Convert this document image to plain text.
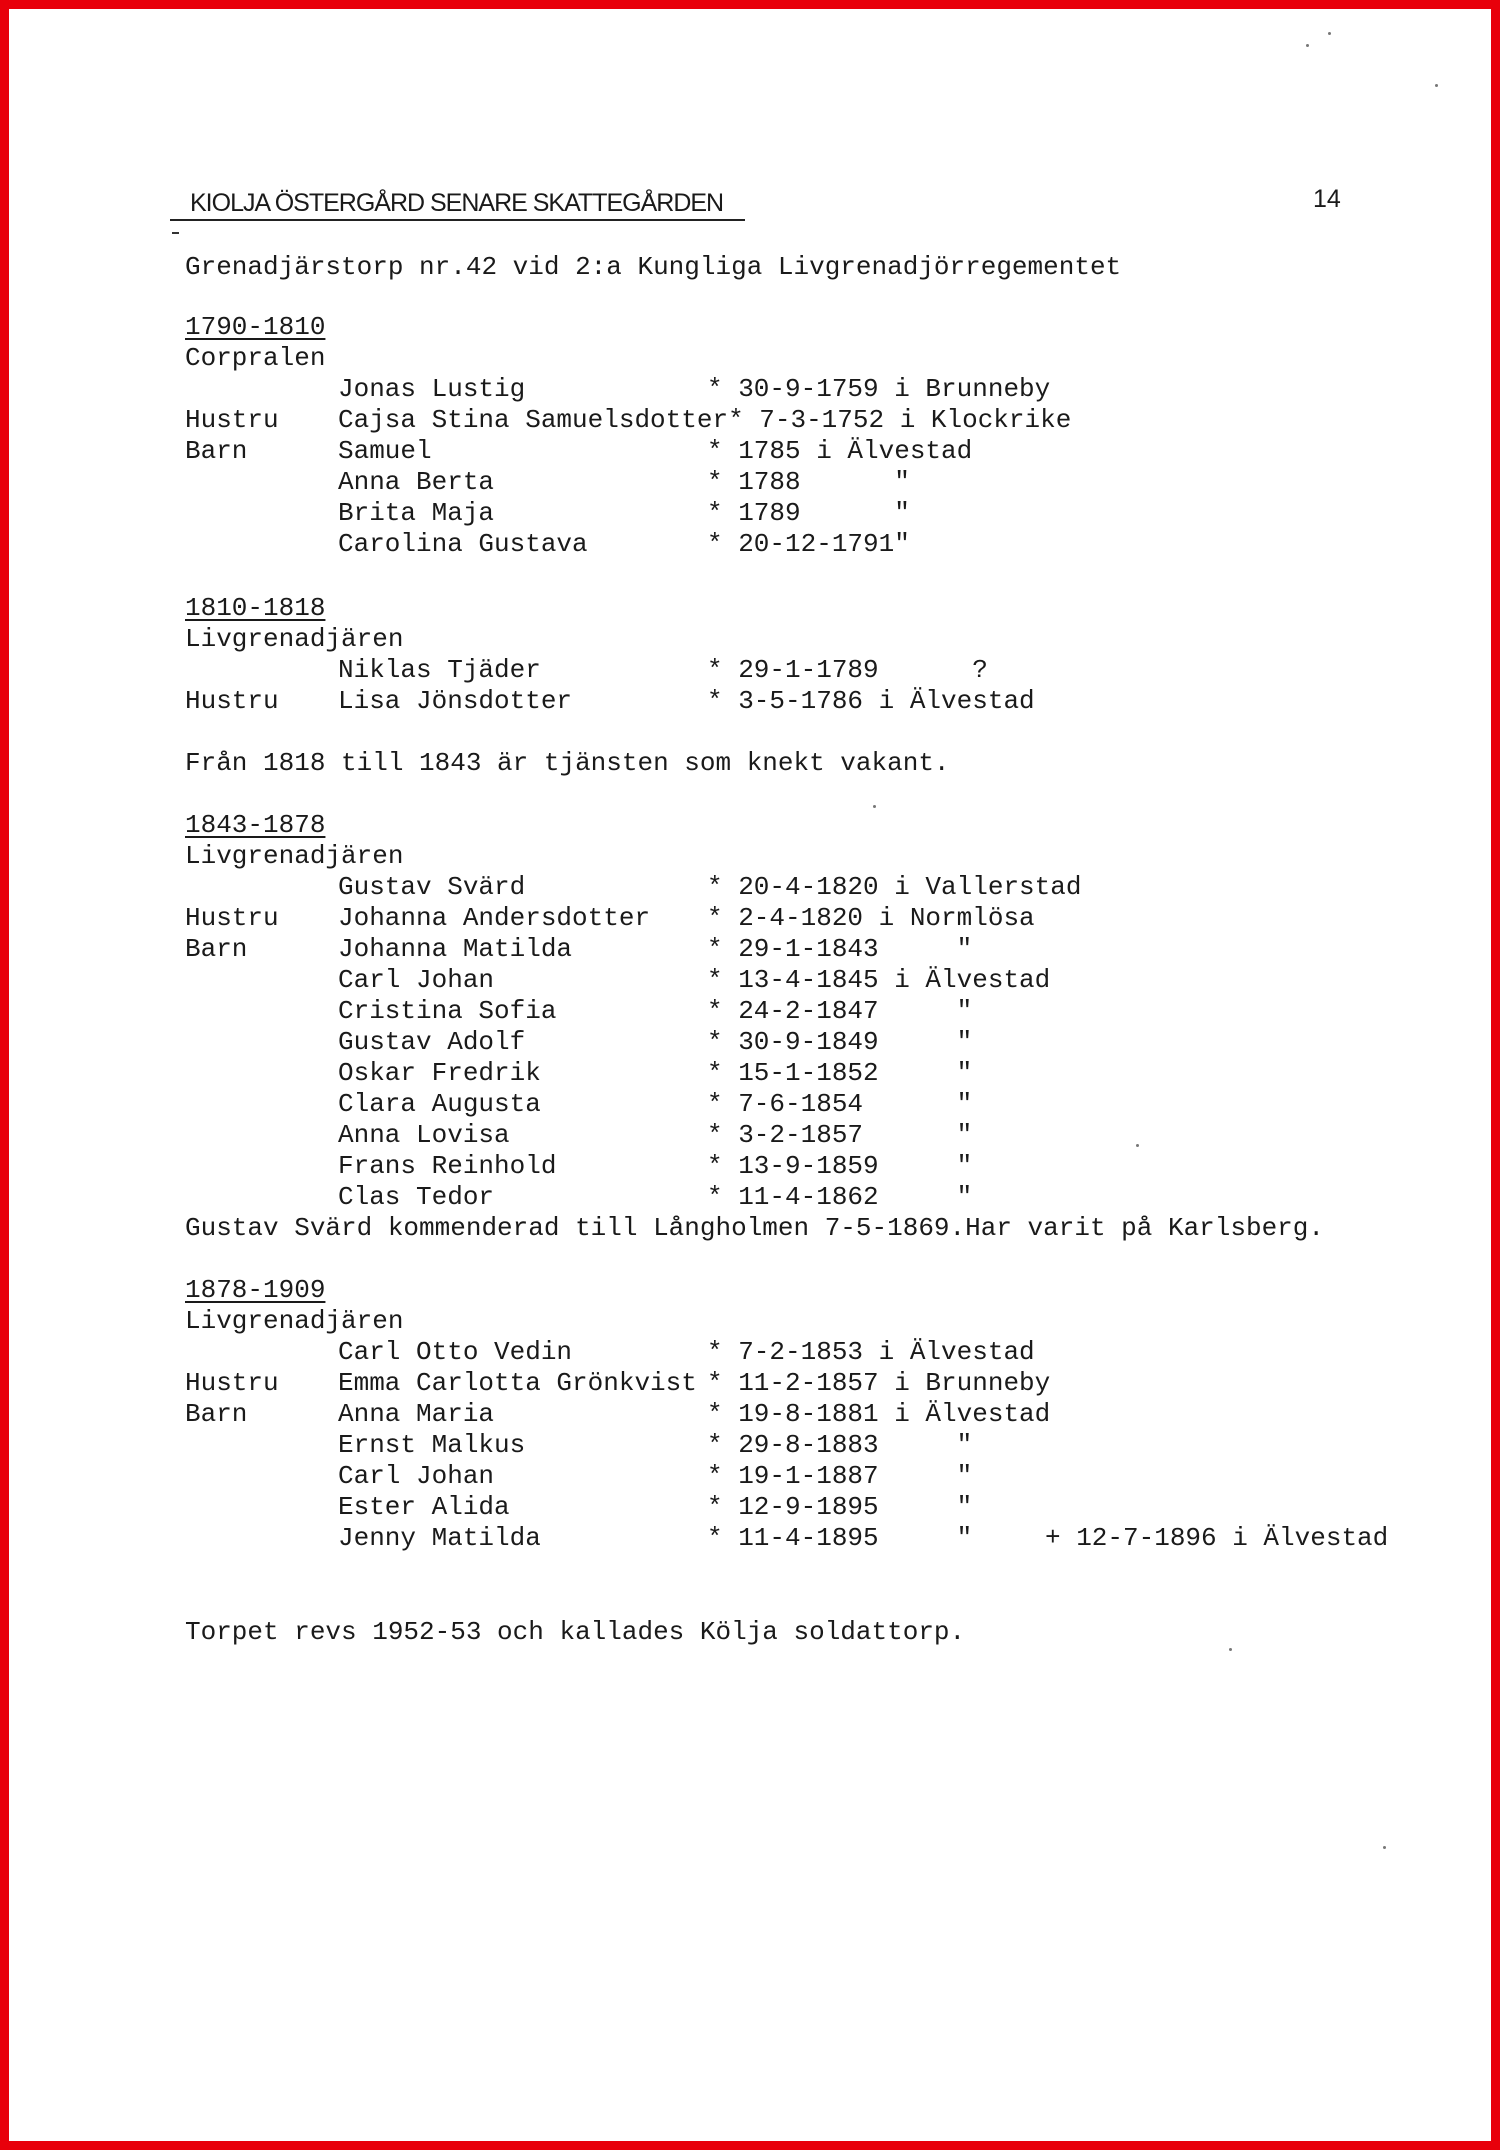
KIOLJA ÖSTERGÅRD SENARE SKATTEGÅRDEN	14
Grenadjärstorp nr.42 vid 2:a Kungliga Livgrenadjörregementet
1790-1810
Corpralen
Jonas Lustig	* 30-9-1759 i Brunneby
Hustru Cajsa Stina Samuelsdotter* 7-3-1752 i Klockrike
Barn	Samuel	* 1785 i Älvestad
Anna Berta	* 1788      "
Brita Maja	* 1789      "
Carolina Gustava	* 20-12-1791"
1810-1818
Livgrenadjären
Niklas Tjäder	* 29-1-1789      ?
Hustru Lisa Jönsdotter	* 3-5-1786 i Älvestad
Från 1818 till 1843 är tjänsten som knekt vakant.
1843-1878
Livgrenadjären
Gustav Svärd	* 20-4-1820 i Vallerstad
Hustru Johanna Andersdotter * 2-4-1820 i Normlösa
Barn	Johanna Matilda	* 29-1-1843     "
Carl Johan	* 13-4-1845 i Älvestad
Cristina Sofia	* 24-2-1847     "
Gustav Adolf	* 30-9-1849     "
Oskar Fredrik	* 15-1-1852     "
Clara Augusta	* 7-6-1854      "
Anna Lovisa	* 3-2-1857      "
Frans Reinhold	* 13-9-1859     "
Clas Tedor	* 11-4-1862     "
Gustav Svärd kommenderad till Långholmen 7-5-1869.Har varit på Karlsberg.
1878-1909
Livgrenadjären
Carl Otto Vedin	* 7-2-1853 i Älvestad
Hustru Emma Carlotta Grönkvist * 11-2-1857 i Brunneby
Barn	Anna Maria	* 19-8-1881 i Älvestad
Ernst Malkus	* 29-8-1883     "
Carl Johan	* 19-1-1887     "
Ester Alida	* 12-9-1895     "
Jenny Matilda	* 11-4-1895     "	+ 12-7-1896 i Älvestad
Torpet revs 1952-53 och kallades Kölja soldattorp.
